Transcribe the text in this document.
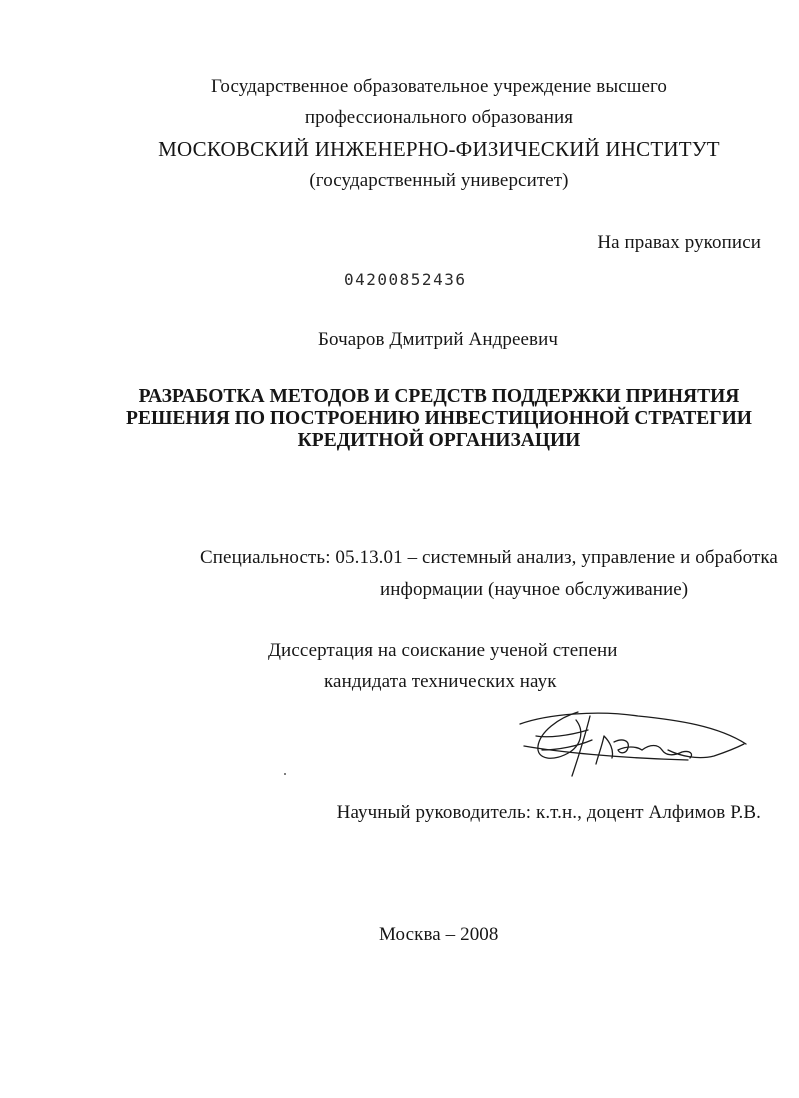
Государственное образовательное учреждение высшего
профессионального образования
МОСКОВСКИЙ ИНЖЕНЕРНО-ФИЗИЧЕСКИЙ ИНСТИТУТ
(государственный университет)
На правах рукописи
04200852436
Бочаров Дмитрий Андреевич
РАЗРАБОТКА МЕТОДОВ И СРЕДСТВ ПОДДЕРЖКИ ПРИНЯТИЯ
РЕШЕНИЯ ПО ПОСТРОЕНИЮ ИНВЕСТИЦИОННОЙ СТРАТЕГИИ
КРЕДИТНОЙ ОРГАНИЗАЦИИ
Специальность: 05.13.01 – системный анализ, управление и обработка
информации (научное обслуживание)
Диссертация на соискание ученой степени
кандидата технических наук
Научный руководитель: к.т.н., доцент Алфимов Р.В.
Москва – 2008
